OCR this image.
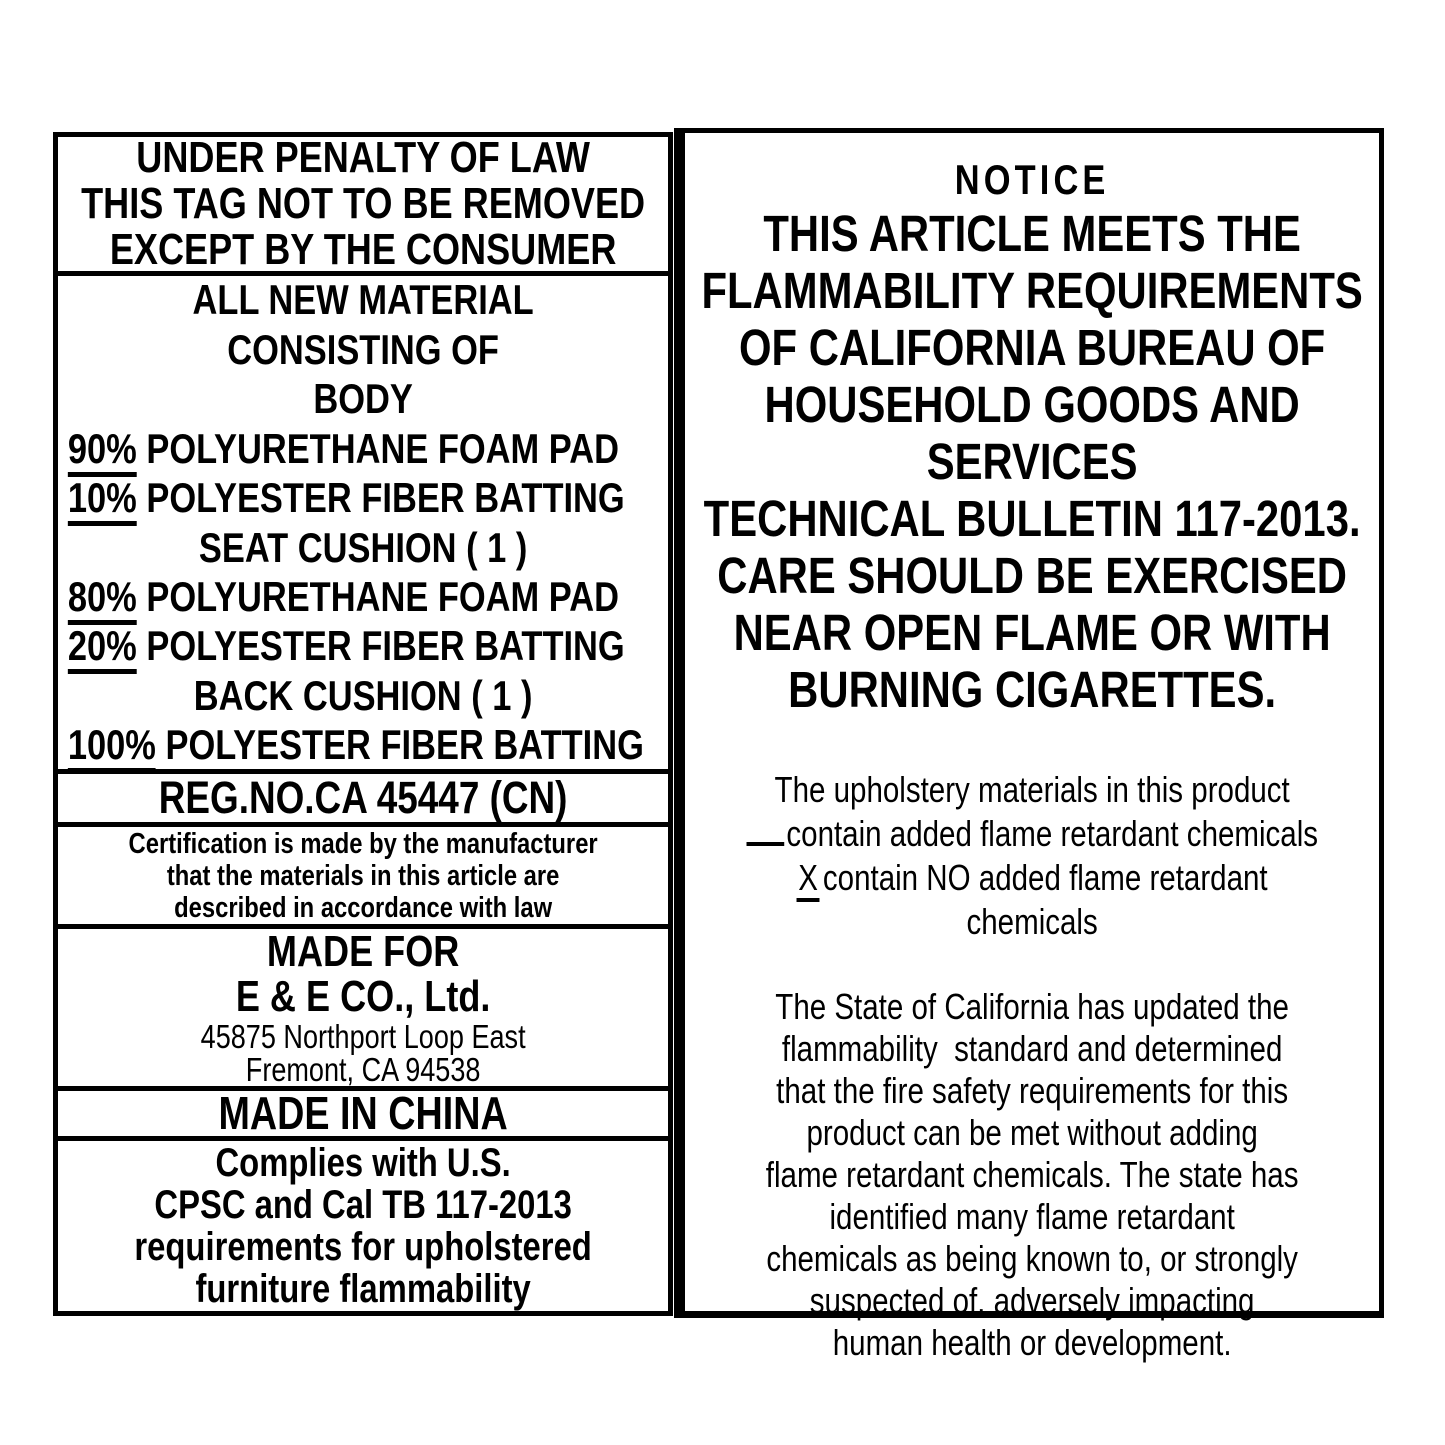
UNDER PENALTY OF LAW
THIS TAG NOT TO BE REMOVED
EXCEPT BY THE CONSUMER
ALL NEW MATERIAL
CONSISTING OF
BODY
90% POLYURETHANE FOAM PAD
10% POLYESTER FIBER BATTING
SEAT CUSHION ( 1 )
80% POLYURETHANE FOAM PAD
20% POLYESTER FIBER BATTING
BACK CUSHION ( 1 )
100% POLYESTER FIBER BATTING
REG.NO.CA 45447 (CN)
Certification is made by the manufacturer
that the materials in this article are
described in accordance with law
MADE FOR
E & E CO., Ltd.
45875 Northport Loop East
Fremont, CA 94538
MADE IN CHINA
Complies with U.S.
CPSC and Cal TB 117-2013
requirements for upholstered
furniture flammability
NOTICE
THIS ARTICLE MEETS THE
FLAMMABILITY REQUIREMENTS
OF CALIFORNIA BUREAU OF
HOUSEHOLD GOODS AND SERVICES
TECHNICAL BULLETIN 117-2013.
CARE SHOULD BE EXERCISED
NEAR OPEN FLAME OR WITH
BURNING CIGARETTES.
The upholstery materials in this product
contain added flame retardant chemicals
X contain NO added flame retardant
chemicals
The State of California has updated the
flammability  standard and determined
that the fire safety requirements for this
product can be met without adding
flame retardant chemicals. The state has
identified many flame retardant
chemicals as being known to, or strongly
suspected of, adversely impacting
human health or development.
